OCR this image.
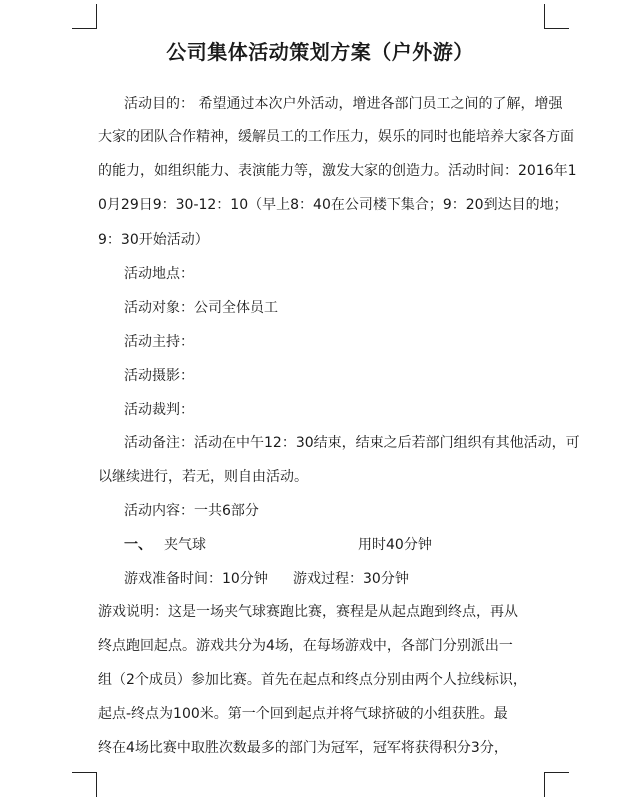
公司集体活动策划方案（户外游）
活动目的： 希望通过本次户外活动，增进各部门员工之间的了解，增强
大家的团队合作精神，缓解员工的工作压力，娱乐的同时也能培养大家各方面
的能力，如组织能力、表演能力等，激发大家的创造力。活动时间：2016年1
0月29日9：30-12：10（早上8：40在公司楼下集合；9：20到达目的地；
9：30开始活动）
活动地点：
活动对象：公司全体员工
活动主持：
活动摄影：
活动裁判：
活动备注：活动在中午12：30结束，结束之后若部门组织有其他活动，可
以继续进行，若无，则自由活动。
活动内容：一共6部分
一、 夹气球	用时40分钟
游戏准备时间：10分钟 游戏过程：30分钟
游戏说明：这是一场夹气球赛跑比赛，赛程是从起点跑到终点，再从
终点跑回起点。游戏共分为4场，在每场游戏中，各部门分别派出一
组（2个成员）参加比赛。首先在起点和终点分别由两个人拉线标识，
起点-终点为100米。第一个回到起点并将气球挤破的小组获胜。最
终在4场比赛中取胜次数最多的部门为冠军，冠军将获得积分3分，
